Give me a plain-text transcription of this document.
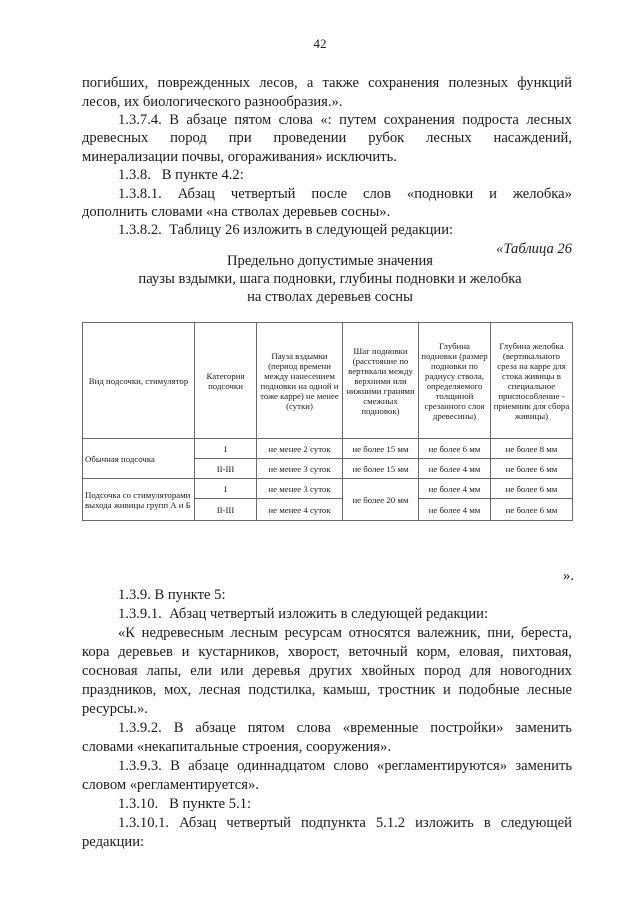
42
погибших, поврежденных лесов, а также сохранения полезных функций
лесов, их биологического разнообразия.».
1.3.7.4. В абзаце пятом слова «: путем сохранения подроста лесных
древесных пород при проведении рубок лесных насаждений,
минерализации почвы, огораживания» исключить.
1.3.8.   В пункте 4.2:
1.3.8.1. Абзац четвертый после слов «подновки и желобка»
дополнить словами «на стволах деревьев сосны».
1.3.8.2.  Таблицу 26 изложить в следующей редакции:
«Таблица 26
Предельно допустимые значения
паузы вздымки, шага подновки, глубины подновки и желобка
на стволах деревьев сосны
Вид подсочки, стимулятор	Категория подсочки	Пауза вздымки (период времени между нанесением подновки на одной и тоже карре) не менее (сутки)	Шаг подновки (расстояние по вертикали между верхними или нижними гранями смежных подновок)	Глубина подновки (размер подновки по радиусу ствола, определяемого толщиной срезанного слоя древесины)	Глубина желобка (вертикального среза на карре для стока живицы в специальное приспособление - приемник для сбора живицы)
Обычная подсочка	I	не менее 2 суток	не более 15 мм	не более 6 мм	не более 8 мм
	II-III	не менее 3 суток	не более 15 мм	не более 4 мм	не более 6 мм
Подсочка со стимуляторами выхода живицы групп А и Б	I	не менее 3 суток	не более 20 мм	не более 4 мм	не более 6 мм
	II-III	не менее 4 суток		не более 4 мм	не более 6 мм
».
1.3.9. В пункте 5:
1.3.9.1.  Абзац четвертый изложить в следующей редакции:
«К недревесным лесным ресурсам относятся валежник, пни, береста,
кора деревьев и кустарников, хворост, веточный корм, еловая, пихтовая,
сосновая лапы, ели или деревья других хвойных пород для новогодних
праздников, мох, лесная подстилка, камыш, тростник и подобные лесные
ресурсы.».
1.3.9.2. В абзаце пятом слова «временные постройки» заменить
словами «некапитальные строения, сооружения».
1.3.9.3. В абзаце одиннадцатом слово «регламентируются» заменить
словом «регламентируется».
1.3.10.   В пункте 5.1:
1.3.10.1. Абзац четвертый подпункта 5.1.2 изложить в следующей
редакции:
